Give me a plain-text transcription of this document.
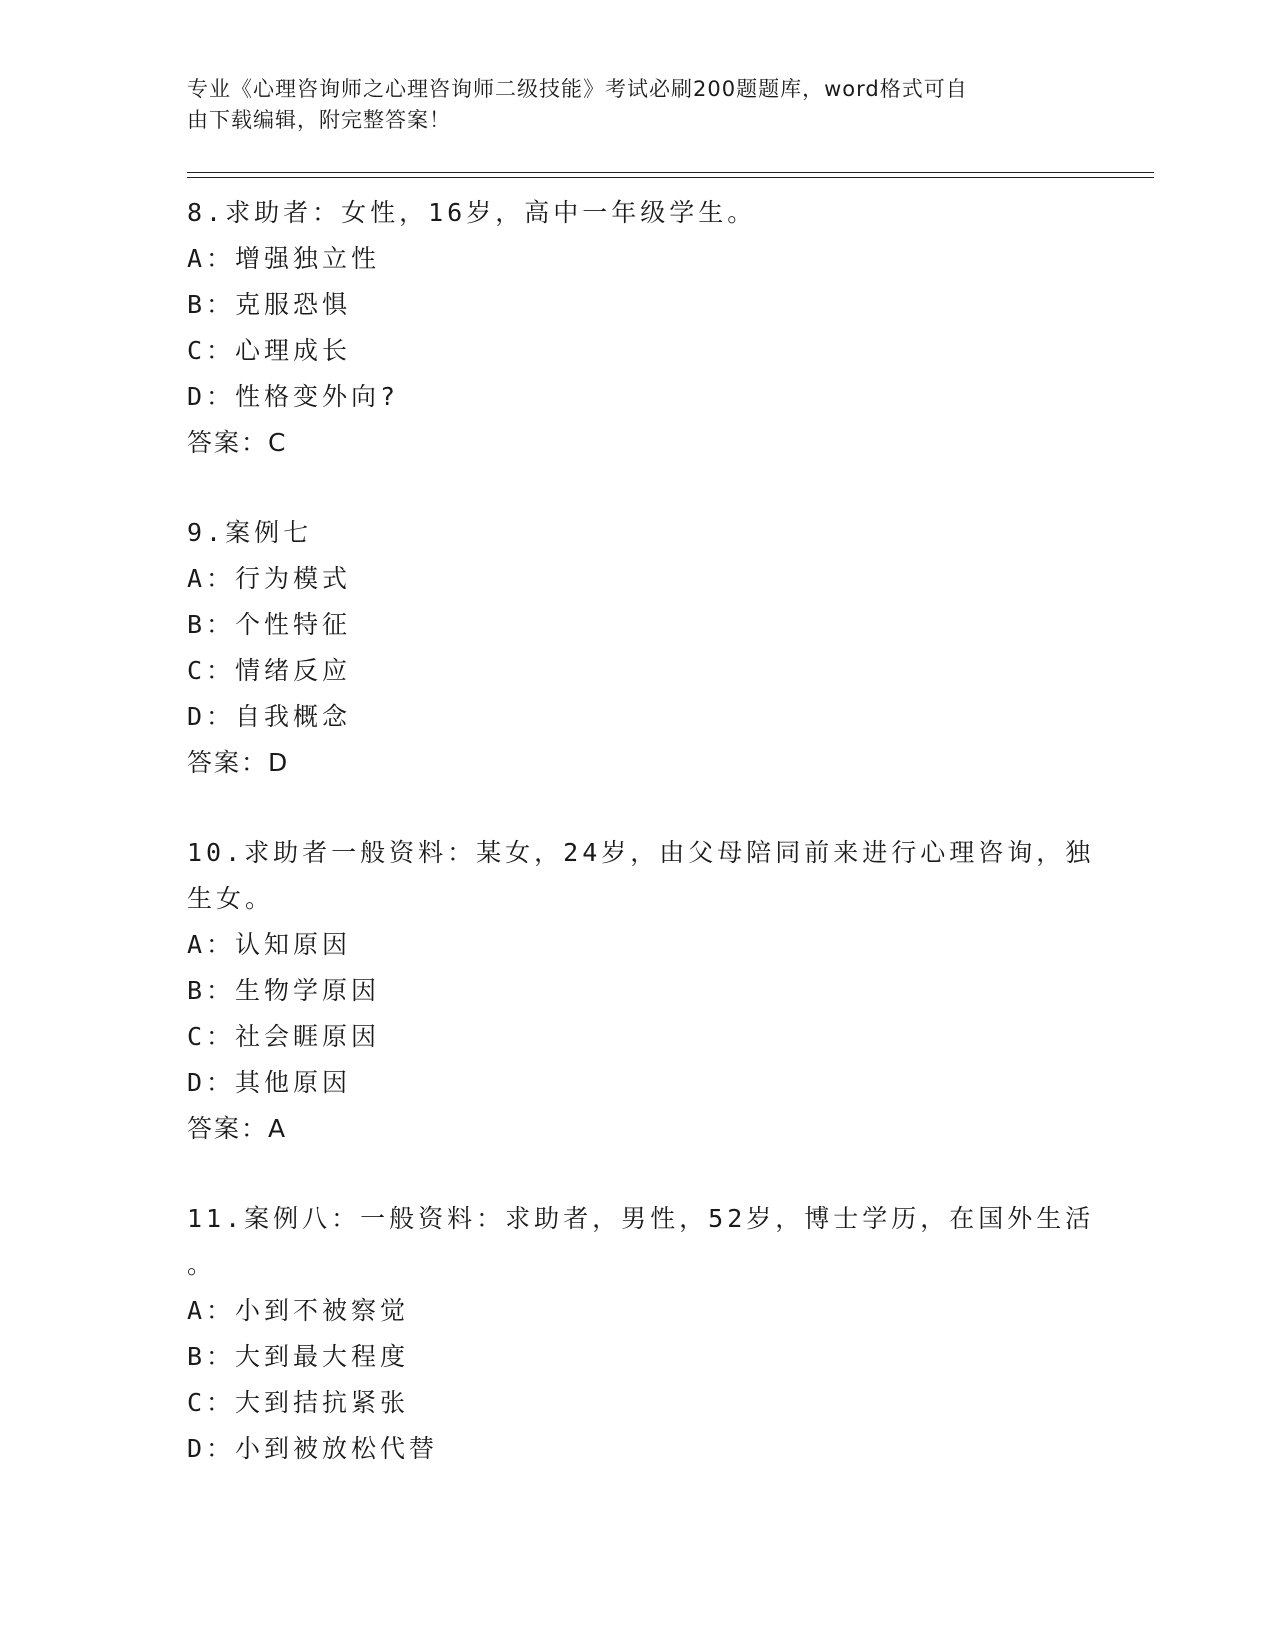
专业《心理咨询师之心理咨询师二级技能》考试必刷200题题库，word格式可自
由下载编辑，附完整答案！
8.求助者：女性，16岁，高中一年级学生。
A：增强独立性
B：克服恐惧
C：心理成长
D：性格变外向?
答案：C
9.案例七
A：行为模式
B：个性特征
C：情绪反应
D：自我概念
答案：D
10.求助者一般资料：某女，24岁，由父母陪同前来进行心理咨询，独
生女。
A：认知原因
B：生物学原因
C：社会睚原因
D：其他原因
答案：A
11.案例八：一般资料：求助者，男性，52岁，博士学历，在国外生活
。
A：小到不被察觉
B：大到最大程度
C：大到拮抗紧张
D：小到被放松代替
